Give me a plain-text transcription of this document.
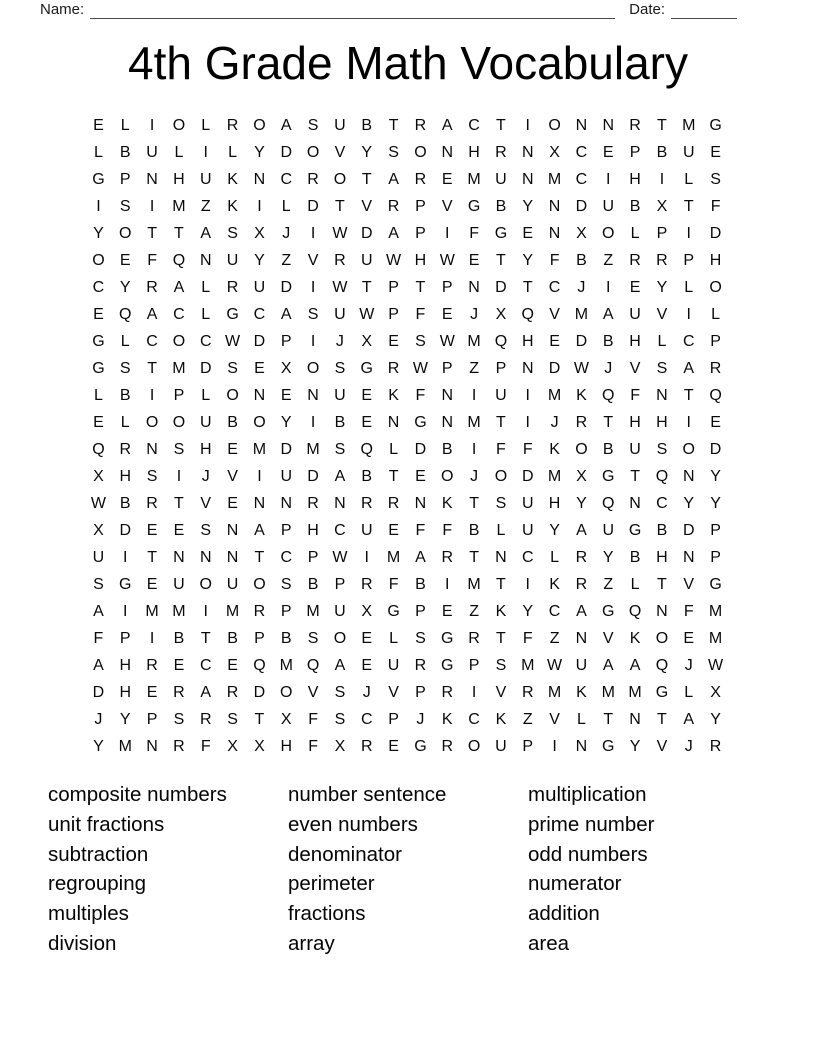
Name:	Date:
4th Grade Math Vocabulary
E	L	I	O	L	R O A	S U B	T	R A C	T	I	O N N R	T M G
L	B U	L	I	L	Y D O V	Y	S O N H R N X C E	P	B U E
G P N H U K N C R O T	A R E M U N M C	I	H	I	L	S
I	S	I	M Z	K	I	L	D	T	V R P	V G B	Y N D U B	X	T	F
Y O T	T	A	S	X	J	I	W D A	P	I	F G E N X O	L	P	I	D
O E	F Q N U Y	Z	V R U W H W E	T	Y	F	B	Z	R R P H
C Y R A	L	R U D	I	W T	P	T	P N D	T	C	J	I	E	Y	L	O
E Q A C	L	G C A	S U W P	F	E	J	X Q V M A U V	I	L
G	L	C O C W D P	I	J	X	E	S W M Q H E D B H	L	C P
G S	T M D S	E	X O S G R W P	Z	P N D W J	V	S	A R
L	B	I	P	L	O N E N U E	K	F	N	I	U	I	M K Q F	N	T Q
E	L	O O U B O Y	I	B	E N G N M T	I	J	R	T	H H	I	E
Q R N S H E M D M S Q	L	D B	I	F	F	K O B U S O D
X H S	I	J	V	I	U D A	B	T	E O	J	O D M X G T Q N Y
W B R	T	V	E N N R N R R N K	T	S U H Y Q N C Y	Y
X D E	E	S N A	P H C U E	F	F	B	L	U Y	A U G B D P
U	I	T	N N N	T	C P W	I	M A R	T	N C	L	R Y	B H N P
S G E U O U O S	B	P R	F	B	I	M T	I	K R	Z	L	T	V G
A	I	M M	I	M R P M U X G P	E	Z	K	Y C A G Q N	F M
F	P	I	B	T	B	P	B	S O E	L	S G R	T	F	Z	N V	K O E M
A H R E C E Q M Q A	E U R G P	S M W U A	A Q	J W
D H E R A R D O V	S	J	V	P R	I	V R M K M M G	L	X
J	Y	P	S R S	T	X	F	S C P	J	K C K	Z	V	L	T	N	T	A	Y
Y M N R	F	X	X H	F	X R E G R O U P	I	N G Y	V	J	R
composite numbers
unit fractions
subtraction
regrouping
multiples
division
number sentence
even numbers
denominator
perimeter
fractions
array
multiplication
prime number
odd numbers
numerator
addition
area
